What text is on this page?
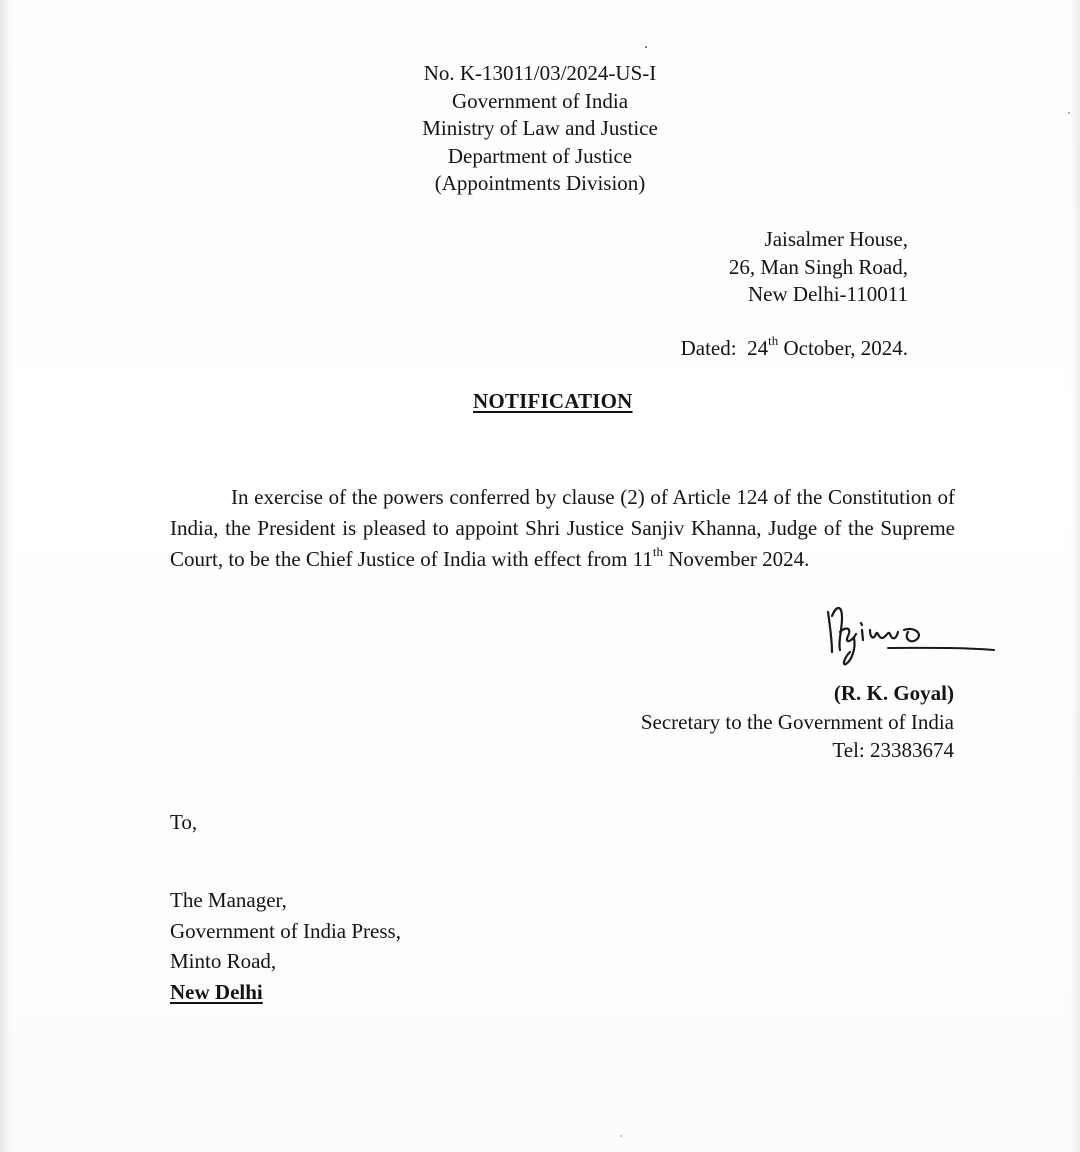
No. K-13011/03/2024-US-I
Government of India
Ministry of Law and Justice
Department of Justice
(Appointments Division)
Jaisalmer House,
26, Man Singh Road,
New Delhi-110011
Dated: 24th October, 2024.
NOTIFICATION

In exercise of the powers conferred by clause (2) of Article 124 of the Constitution of India, the President is pleased to appoint Shri Justice Sanjiv Khanna, Judge of the Supreme Court, to be the Chief Justice of India with effect from 11th November 2024.

(R. K. Goyal)
Secretary to the Government of India
Tel: 23383674
To,
The Manager,
Government of India Press,
Minto Road,
New Delhi
